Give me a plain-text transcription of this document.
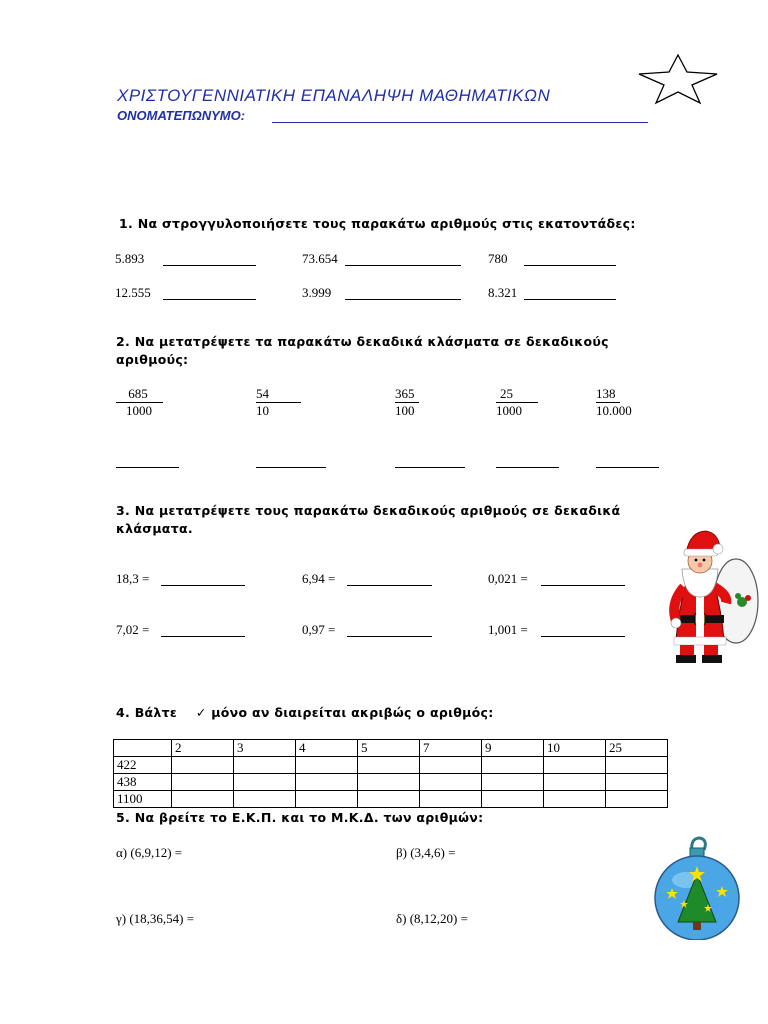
ΧΡΙΣΤΟΥΓΕΝΝΙΑΤΙΚΗ ΕΠΑΝΑΛΗΨΗ ΜΑΘΗΜΑΤΙΚΩΝ
ΟΝΟΜΑΤΕΠΩΝΥΜΟ:
1. Να στρογγυλοποιήσετε τους παρακάτω αριθμούς στις εκατοντάδες:
5.893	73.654	780
12.555	3.999	8.321
2. Να μετατρέψετε τα παρακάτω δεκαδικά κλάσματα σε δεκαδικούς
αριθμούς:
$\frac{685}{1000}$	$\frac{54}{10}$	$\frac{365}{100}$	$\frac{25}{1000}$	$\frac{138}{10.000}$
3. Να μετατρέψετε τους παρακάτω δεκαδικούς αριθμούς σε δεκαδικά
κλάσματα.
18,3 =	6,94 =	0,021 =
7,02 =	0,97 =	1,001 =
4. Βάλτε ✓ μόνο αν διαιρείται ακριβώς ο αριθμός:
	2	3	4	5	7	9	10	25
422								
438								
1100								
5. Να βρείτε το Ε.Κ.Π. και το Μ.Κ.Δ. των αριθμών:
α) (6,9,12) =	β) (3,4,6) =
γ) (18,36,54) =	δ) (8,12,20) =
